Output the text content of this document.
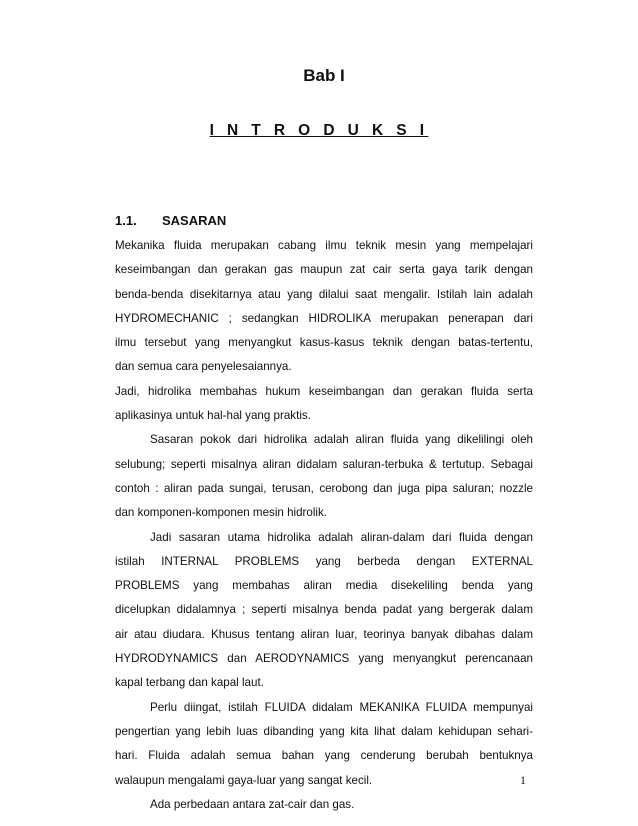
Bab I
I N T R O D U K S I
1.1. SASARAN
Mekanika fluida merupakan cabang ilmu teknik mesin yang mempelajari
keseimbangan dan gerakan gas maupun zat cair serta gaya tarik dengan
benda-benda disekitarnya atau yang dilalui saat mengalir. Istilah lain adalah
HYDROMECHANIC ; sedangkan HIDROLIKA merupakan penerapan dari
ilmu tersebut yang menyangkut kasus-kasus teknik dengan batas-tertentu,
dan semua cara penyelesaiannya.
Jadi, hidrolika membahas hukum keseimbangan dan gerakan fluida serta
aplikasinya untuk hal-hal yang praktis.
Sasaran pokok dari hidrolika adalah aliran fluida yang dikelilingi oleh
selubung; seperti misalnya aliran didalam saluran-terbuka & tertutup. Sebagai
contoh : aliran pada sungai, terusan, cerobong dan juga pipa saluran; nozzle
dan komponen-komponen mesin hidrolik.
Jadi sasaran utama hidrolika adalah aliran-dalam dari fluida dengan
istilah INTERNAL PROBLEMS yang berbeda dengan EXTERNAL
PROBLEMS yang membahas aliran media disekeliling benda yang
dicelupkan didalamnya ; seperti misalnya benda padat yang bergerak dalam
air atau diudara. Khusus tentang aliran luar, teorinya banyak dibahas dalam
HYDRODYNAMICS dan AERODYNAMICS yang menyangkut perencanaan
kapal terbang dan kapal laut.
Perlu diingat, istilah FLUIDA didalam MEKANIKA FLUIDA mempunyai
pengertian yang lebih luas dibanding yang kita lihat dalam kehidupan sehari-
hari. Fluida adalah semua bahan yang cenderung berubah bentuknya
walaupun mengalami gaya-luar yang sangat kecil.
Ada perbedaan antara zat-cair dan gas.
1
